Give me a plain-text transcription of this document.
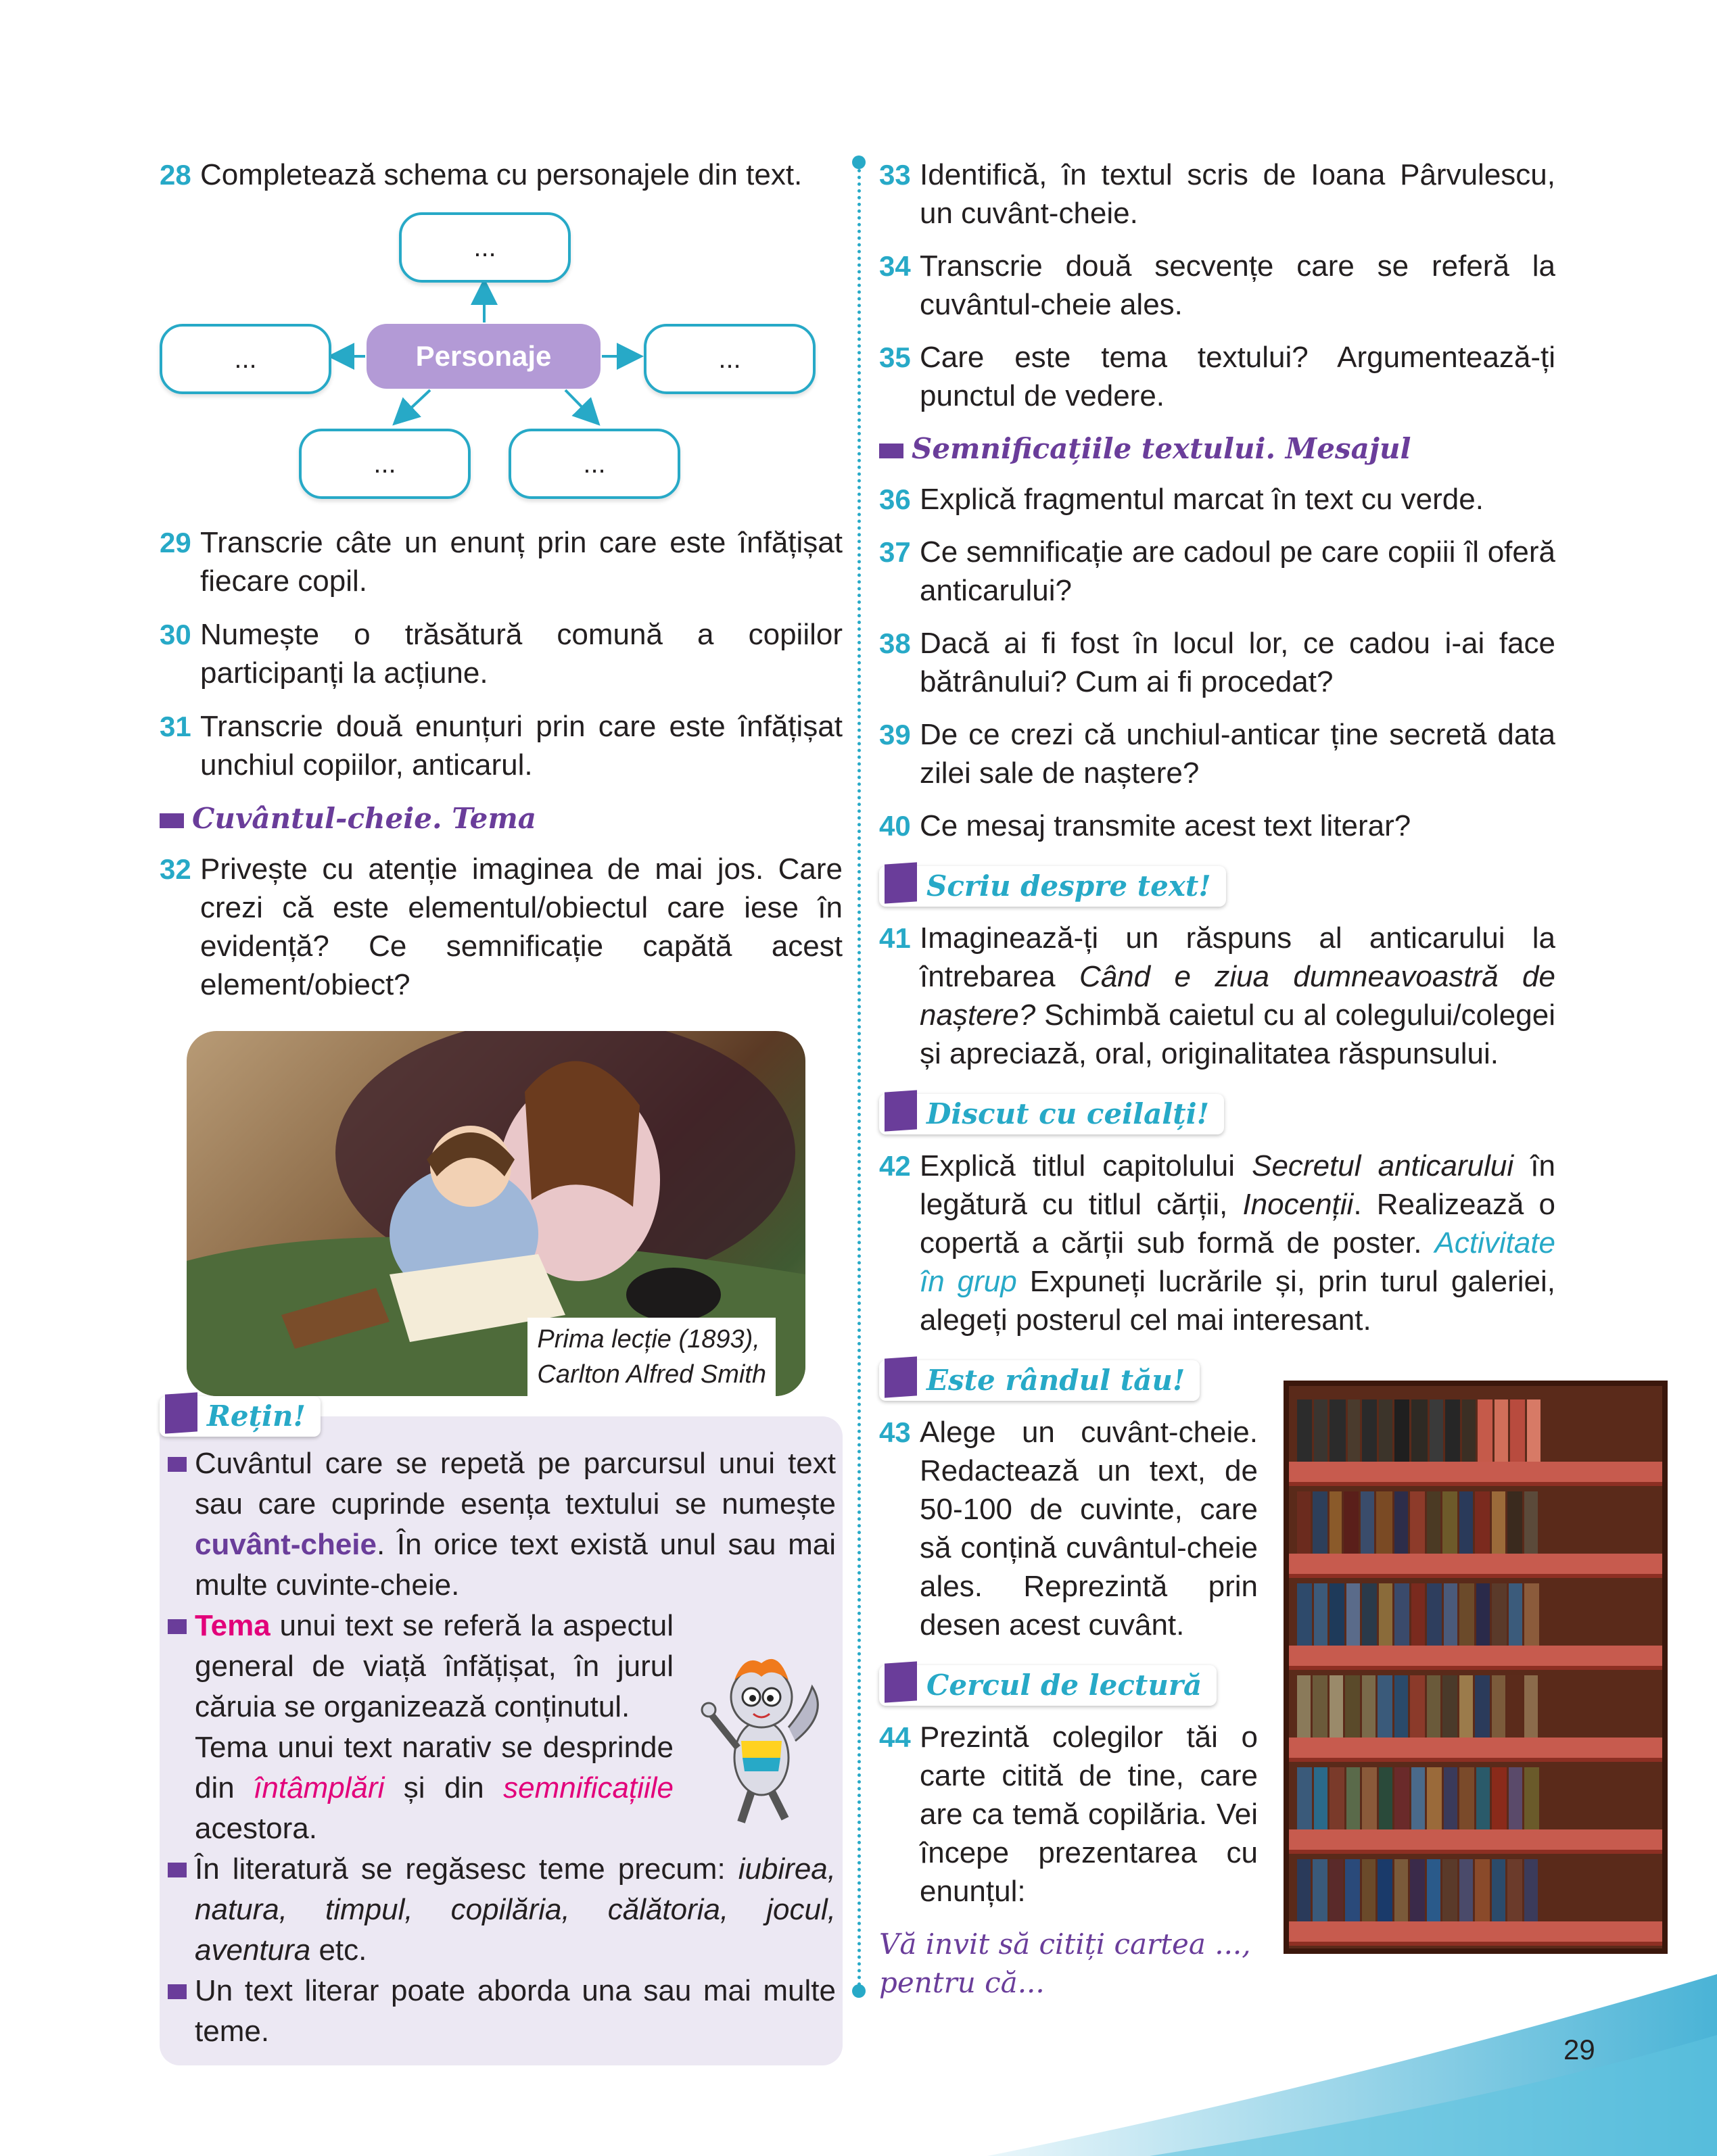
28 Completează schema cu personajele din text.
...
...	...
...	...
Personaje
29 Transcrie câte un enunț prin care este înfățișat fiecare copil.
30 Numește o trăsătură comună a copiilor participanți la acțiune.
31 Transcrie două enunțuri prin care este înfățișat unchiul copiilor, anticarul.
Cuvântul-cheie. Tema
32 Privește cu atenție imaginea de mai jos. Care crezi că este elementul/obiectul care iese în evidență? Ce semnificație capătă acest element/obiect?
Prima lecție (1893),
Carlton Alfred Smith
Rețin!
Cuvântul care se repetă pe parcursul unui text sau care cuprinde esența textului se numește cuvânt-cheie. În orice text există unul sau mai multe cuvinte-cheie.
Tema unui text se referă la aspectul general de viață înfățișat, în jurul căruia se organizează conținutul.
Tema unui text narativ se desprinde din întâmplări și din semnificațiile acestora.
În literatură se regăsesc teme precum: iubirea, natura, timpul, copilăria, călătoria, jocul, aventura etc.
Un text literar poate aborda una sau mai multe teme.
33 Identifică, în textul scris de Ioana Pârvulescu, un cuvânt-cheie.
34 Transcrie două secvențe care se referă la cuvântul-cheie ales.
35 Care este tema textului? Argumentează-ți punctul de vedere.
Semnificațiile textului. Mesajul
36 Explică fragmentul marcat în text cu verde.
37 Ce semnificație are cadoul pe care copiii îl oferă anticarului?
38 Dacă ai fi fost în locul lor, ce cadou i-ai face bătrânului? Cum ai fi procedat?
39 De ce crezi că unchiul-anticar ține secretă data zilei sale de naștere?
40 Ce mesaj transmite acest text literar?
Scriu despre text!
41 Imaginează-ți un răspuns al anticarului la întrebarea Când e ziua dumneavoastră de naștere? Schimbă caietul cu al colegului/colegei și apreciază, oral, originalitatea răspunsului.
Discut cu ceilalți!
42 Explică titlul capitolului Secretul anticarului în legătură cu titlul cărții, Inocenții. Realizează o copertă a cărții sub formă de poster. Activitate în grup Expuneți lucrările și, prin turul galeriei, alegeți posterul cel mai interesant.
Este rândul tău!
43 Alege un cuvânt-cheie. Redactează un text, de 50-100 de cuvinte, care să conțină cuvântul-cheie ales. Reprezintă prin desen acest cuvânt.
Cercul de lectură
44 Prezintă colegilor tăi o carte citită de tine, care are ca temă copilăria. Vei începe prezentarea cu enunțul:
Vă invit să citiți cartea ..., pentru că...
29
